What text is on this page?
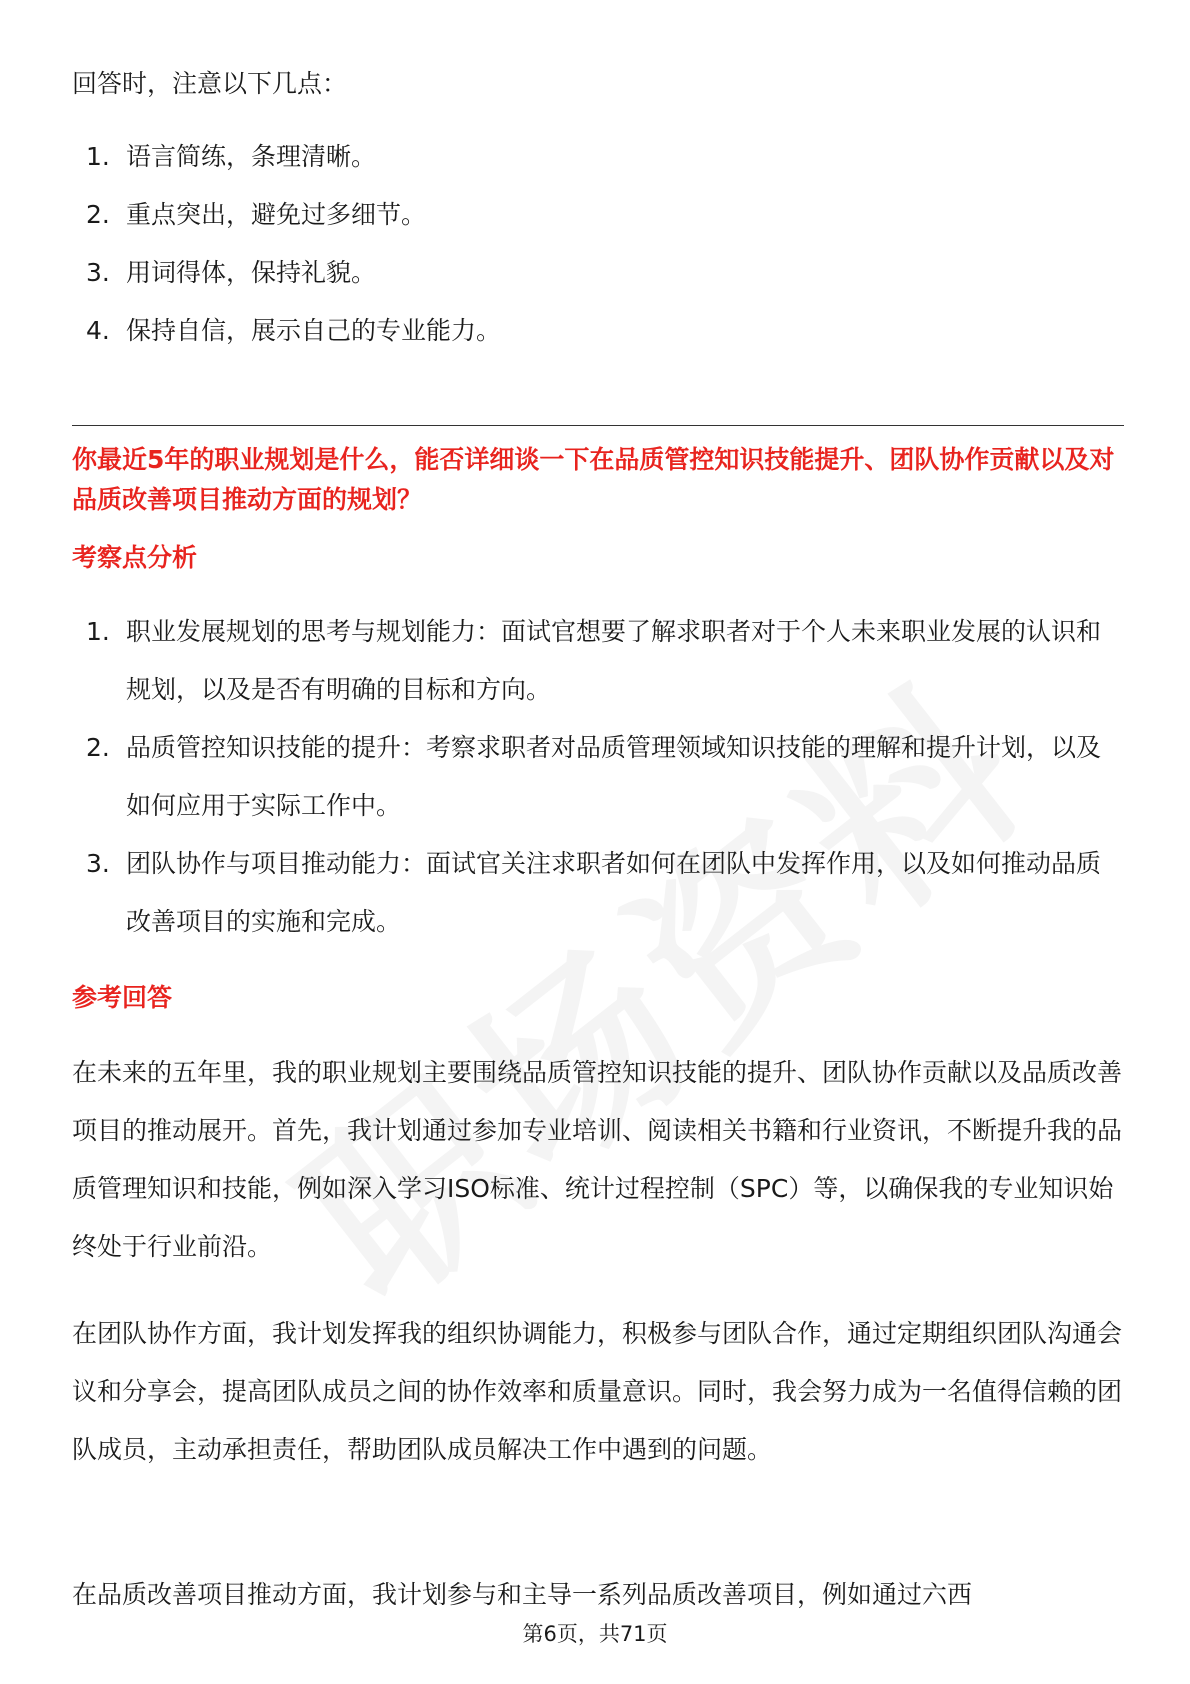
回答时，注意以下几点：
1. 语言简练，条理清晰。
2. 重点突出，避免过多细节。
3. 用词得体，保持礼貌。
4. 保持自信，展示自己的专业能力。
你最近5年的职业规划是什么，能否详细谈一下在品质管控知识技能提升、团队协作贡献以及对品质改善项目推动方面的规划？
考察点分析
1. 职业发展规划的思考与规划能力：面试官想要了解求职者对于个人未来职业发展的认识和规划，以及是否有明确的目标和方向。
2. 品质管控知识技能的提升：考察求职者对品质管理领域知识技能的理解和提升计划，以及如何应用于实际工作中。
3. 团队协作与项目推动能力：面试官关注求职者如何在团队中发挥作用，以及如何推动品质改善项目的实施和完成。
参考回答
在未来的五年里，我的职业规划主要围绕品质管控知识技能的提升、团队协作贡献以及品质改善项目的推动展开。首先，我计划通过参加专业培训、阅读相关书籍和行业资讯，不断提升我的品质管理知识和技能，例如深入学习ISO标准、统计过程控制（SPC）等，以确保我的专业知识始终处于行业前沿。
在团队协作方面，我计划发挥我的组织协调能力，积极参与团队合作，通过定期组织团队沟通会议和分享会，提高团队成员之间的协作效率和质量意识。同时，我会努力成为一名值得信赖的团队成员，主动承担责任，帮助团队成员解决工作中遇到的问题。
在品质改善项目推动方面，我计划参与和主导一系列品质改善项目，例如通过六西
第6页，共71页
